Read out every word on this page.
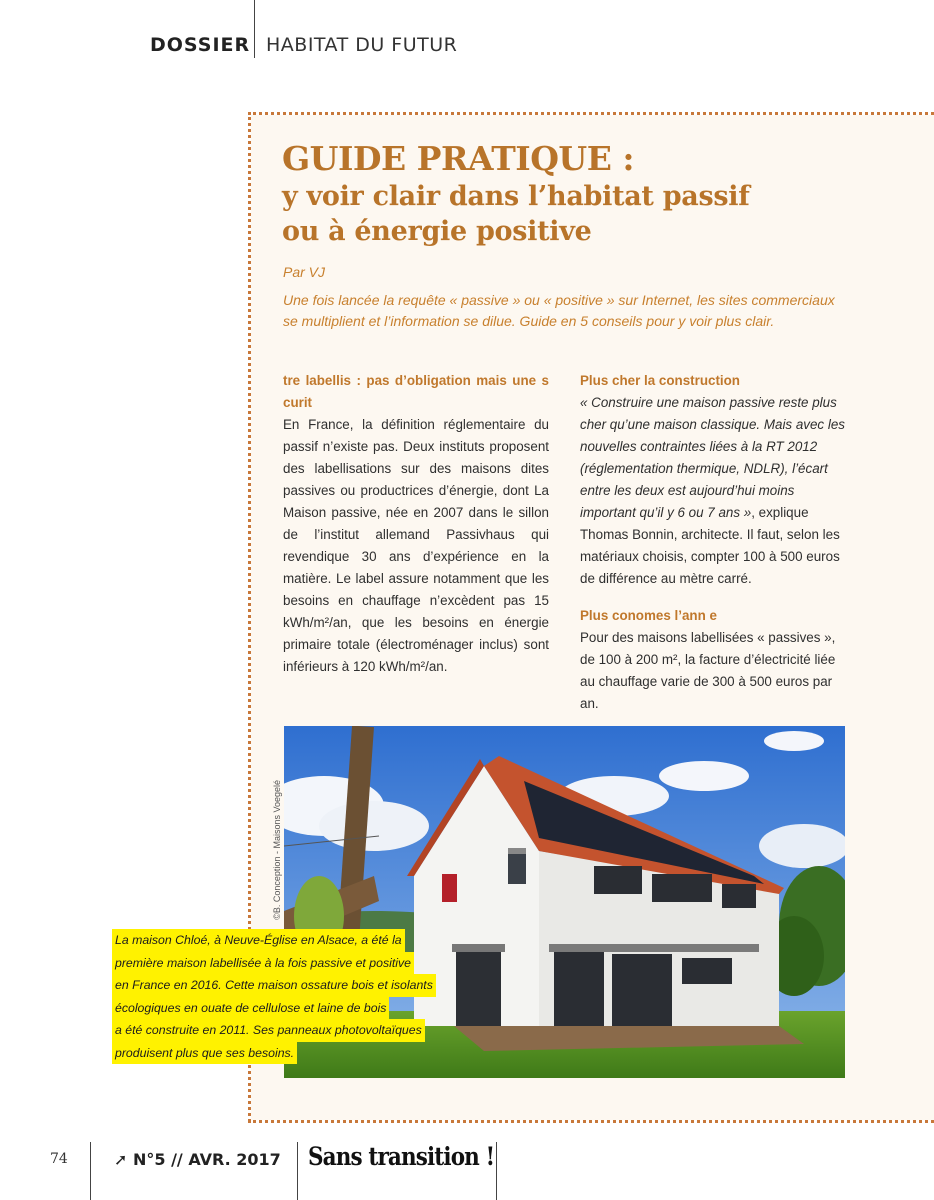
DOSSIER HABITAT DU FUTUR
GUIDE PRATIQUE :
y voir clair dans l’habitat passif
ou à énergie positive
Par VJ
Une fois lancée la requête « passive » ou « positive » sur Internet, les sites commerciaux se multiplient et l’information se dilue. Guide en 5 conseils pour y voir plus clair.
tre labellis : pas d’obligation mais une s curit
En France, la définition réglementaire du passif n’existe pas. Deux instituts proposent des labellisations sur des maisons dites passives ou productrices d’énergie, dont La Maison passive, née en 2007 dans le sillon de l’institut allemand Passivhaus qui revendique 30 ans d’expérience en la matière. Le label assure notamment que les besoins en chauffage n’excèdent pas 15 kWh/m²/an, que les besoins en énergie primaire totale (électroménager inclus) sont inférieurs à 120 kWh/m²/an.
Plus cher la construction
« Construire une maison passive reste plus cher qu’une maison classique. Mais avec les nouvelles contraintes liées à la RT 2012 (réglementation thermique, NDLR), l’écart entre les deux est aujourd’hui moins important qu’il y 6 ou 7 ans », explique Thomas Bonnin, architecte. Il faut, selon les matériaux choisis, compter 100 à 500 euros de différence au mètre carré.
Plus conomes l’ann e
Pour des maisons labellisées « passives », de 100 à 200 m², la facture d’électricité liée au chauffage varie de 300 à 500 euros par an.
©B. Conception - Maisons Voegelé
La maison Chloé, à Neuve-Église en Alsace, a été la
première maison labellisée à la fois passive et positive
en France en 2016. Cette maison ossature bois et isolants
écologiques en ouate de cellulose et laine de bois
a été construite en 2011. Ses panneaux photovoltaïques
produisent plus que ses besoins.
74	➚ N°5 // AVR. 2017 Sans transition !
